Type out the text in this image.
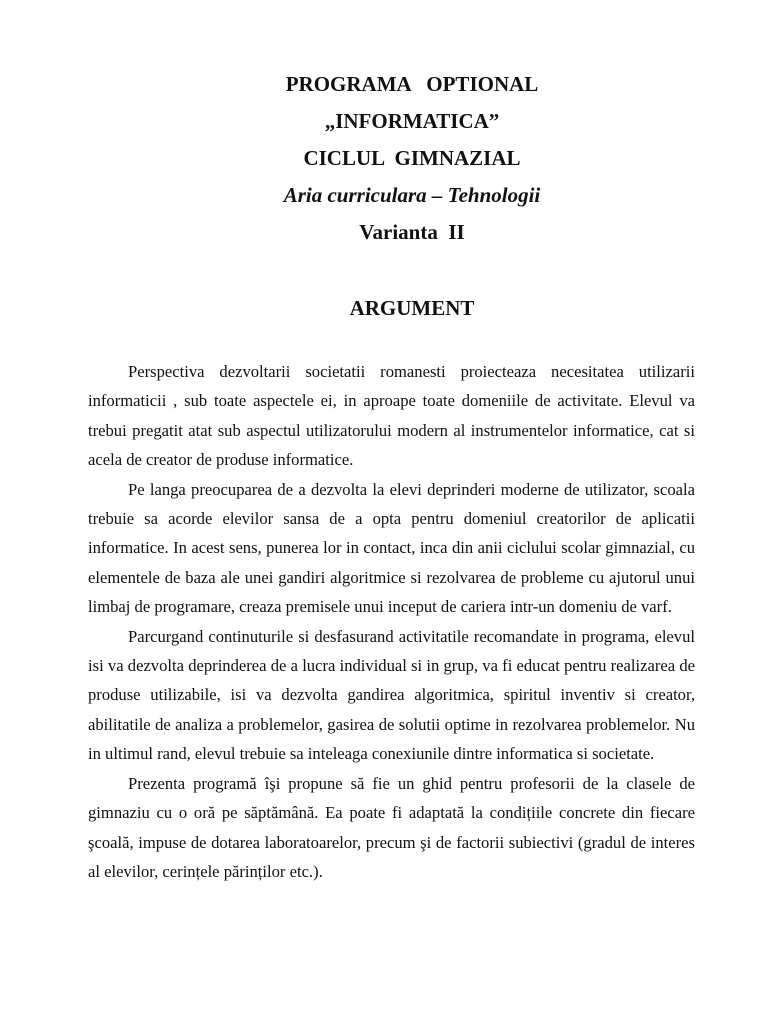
PROGRAMA   OPTIONAL
„INFORMATICA”
CICLUL  GIMNAZIAL
Aria curriculara – Tehnologii
Varianta  II
ARGUMENT

Perspectiva dezvoltarii societatii romanesti proiecteaza necesitatea utilizarii informaticii , sub toate aspectele ei, in aproape toate domeniile de activitate. Elevul va trebui pregatit atat sub aspectul utilizatorului modern al instrumentelor informatice, cat si acela de creator de produse informatice.

Pe langa preocuparea de a dezvolta la elevi deprinderi moderne de utilizator, scoala trebuie sa acorde elevilor sansa de a opta pentru domeniul creatorilor de aplicatii informatice. In acest sens, punerea lor in contact, inca din anii ciclului scolar gimnazial, cu elementele de baza ale unei gandiri algoritmice si rezolvarea de probleme cu ajutorul unui limbaj de programare, creaza premisele unui inceput de cariera intr-un domeniu de varf.

Parcurgand continuturile si desfasurand activitatile recomandate in programa, elevul isi va dezvolta deprinderea de a lucra individual si in grup, va fi educat pentru realizarea de produse utilizabile, isi va dezvolta gandirea algoritmica, spiritul inventiv si creator, abilitatile de analiza a problemelor, gasirea de solutii optime in rezolvarea problemelor. Nu in ultimul rand, elevul trebuie sa inteleaga conexiunile dintre informatica si societate.

Prezenta programă îşi propune să fie un ghid pentru profesorii de la clasele de gimnaziu cu o oră pe săptămână. Ea poate fi adaptată la condițiile concrete din fiecare şcoală, impuse de dotarea laboratoarelor, precum şi de factorii subiectivi (gradul de interes al elevilor, cerințele părinților etc.).
